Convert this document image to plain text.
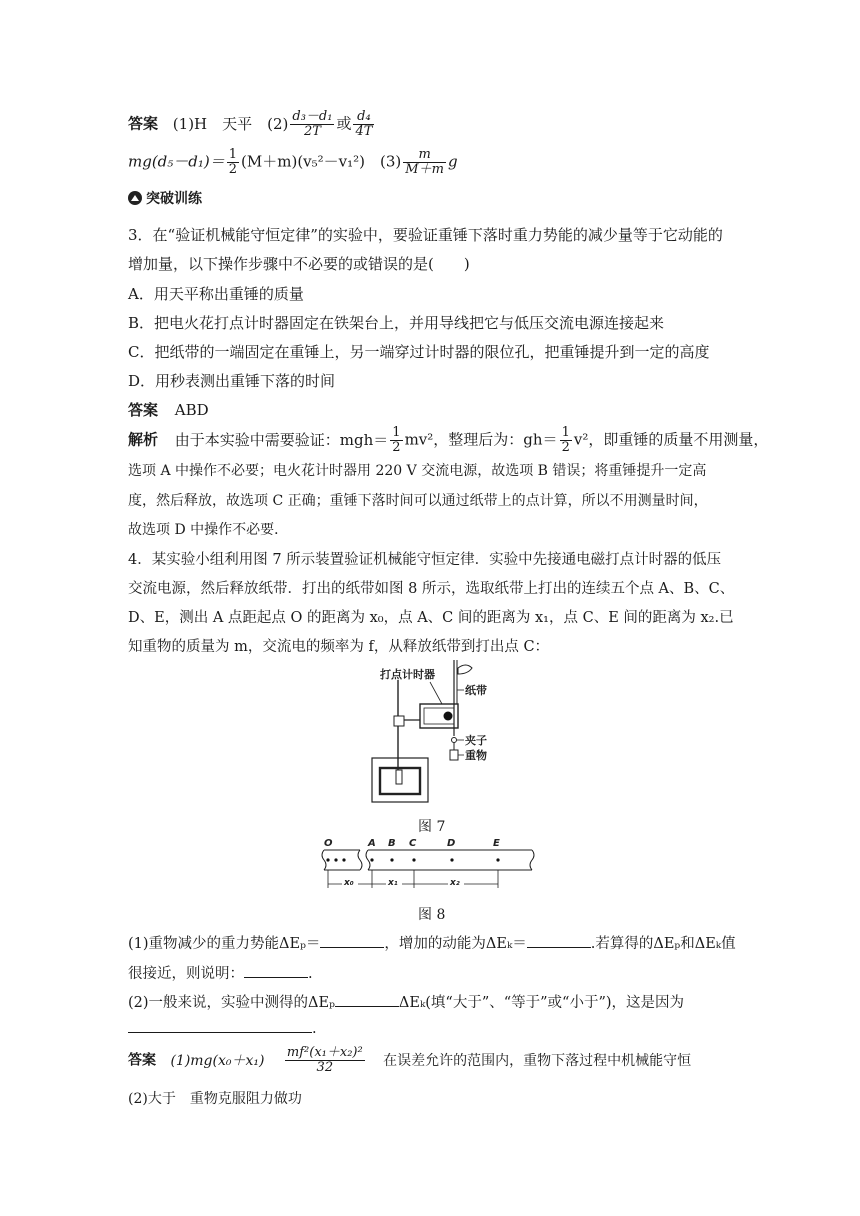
答案 (1)H　天平　$(2) \frac{\text{d₃－d₁}}{2T}$ 或 $\frac{\text{d₄}}{4T}$
$mg(d_5-d_1)= \frac{1}{2} (M+m)(v_5^2-v_1^2)$　$(3) \frac{m}{M+m}$ g
突破训练
3．在“验证机械能守恒定律”的实验中，要验证重锤下落时重力势能的减少量等于它动能的
增加量，以下操作步骤中不必要的或错误的是(　　)
A．用天平称出重锤的质量
B．把电火花打点计时器固定在铁架台上，并用导线把它与低压交流电源连接起来
C．把纸带的一端固定在重锤上，另一端穿过计时器的限位孔，把重锤提升到一定的高度
D．用秒表测出重锤下落的时间
答案 ABD
解析 由于本实验中需要验证：$mgh= \frac{1}{2} mv^2$，整理后为：$gh= \frac{1}{2} v^2$，即重锤的质量不用测量，
选项 A 中操作不必要；电火花计时器用 220 V 交流电源，故选项 B 错误；将重锤提升一定高
度，然后释放，故选项 C 正确；重锤下落时间可以通过纸带上的点计算，所以不用测量时间，
故选项 D 中操作不必要．
4．某实验小组利用图 7 所示装置验证机械能守恒定律．实验中先接通电磁打点计时器的低压
交流电源，然后释放纸带．打出的纸带如图 8 所示，选取纸带上打出的连续五个点 A、B、C、
D、E，测出 A 点距起点 O 的距离为 x₀，点 A、C 间的距离为 x₁，点 C、E 间的距离为 x₂.已
知重物的质量为 m，交流电的频率为 f，从释放纸带到打出点 C：
打点计时器
纸带
夹子
重物
图 7
O	A B C	D	E
x₀	x₁	x₂
图 8
(1)重物减少的重力势能ΔEₚ＝	，增加的动能为ΔEₖ＝	.若算得的ΔEₚ和ΔEₖ值
很接近，则说明：	.
(2)一般来说，实验中测得的ΔEₚ	ΔEₖ(填“大于”、“等于”或“小于”)，这是因为
.
答案 $(1)mg(x_0+x_1) \frac{\text{mf²(x₁＋x₂)²}}{32}$ 在误差允许的范围内，重物下落过程中机械能守恒
(2)大于　重物克服阻力做功
